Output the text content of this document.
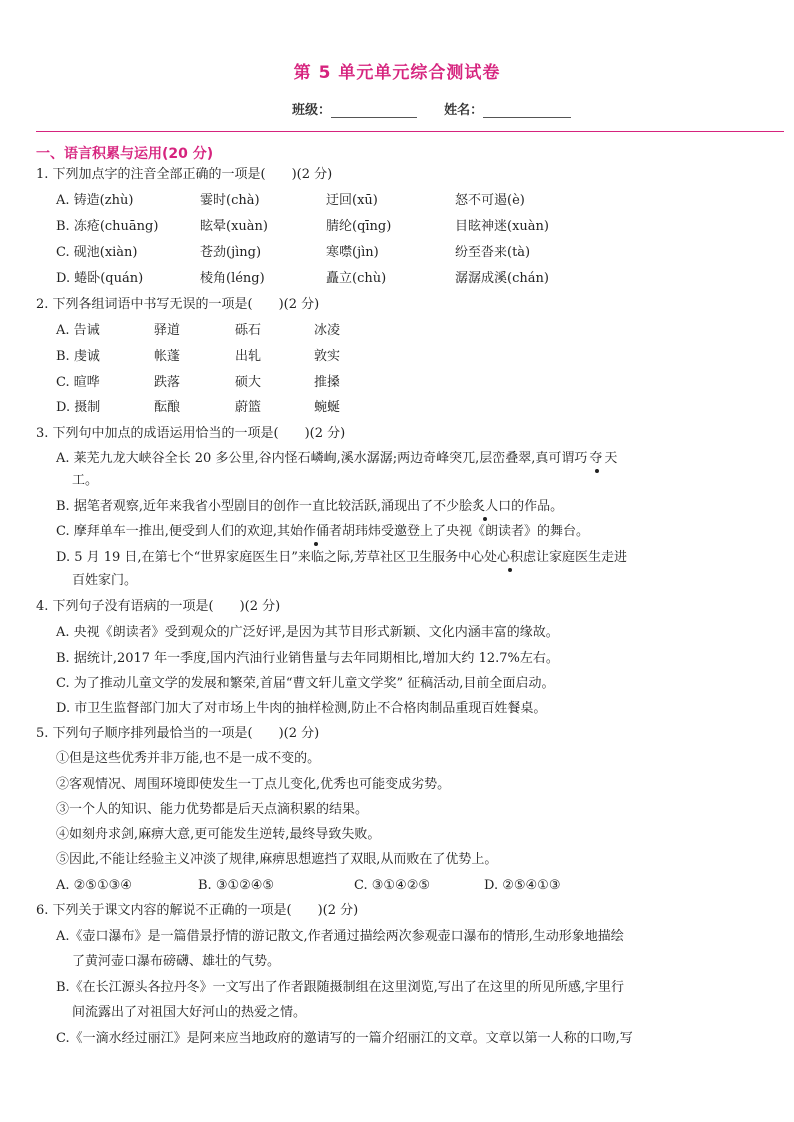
第 5 单元单元综合测试卷
班级：	姓名：
一、语言积累与运用(20 分)
1. 下列加点字的注音全部正确的一项是(　　)(2 分)
A. 铸造(zhù)	霎时(chà)	迂回(xū)	怒不可遏(è)
B. 冻疮(chuāng)	眩晕(xuàn)	腈纶(qīng)	目眩神迷(xuàn)
C. 砚池(xiàn)	苍劲(jìng)	寒噤(jìn)	纷至沓来(tà)
D. 蜷卧(quán)	棱角(léng)	矗立(chù)	潺潺成溪(chán)
2. 下列各组词语中书写无误的一项是(　　)(2 分)
A. 告诫	驿道	砾石	冰凌
B. 虔诚	帐蓬	出轧	敦实
C. 暄哗	跌落	硕大	推搡
D. 摄制	酝酿	蔚篮	蜿蜒
3. 下列句中加点的成语运用恰当的一项是(　　)(2 分)
A. 莱芜九龙大峡谷全长 20 多公里,谷内怪石嶙峋,溪水潺潺;两边奇峰突兀,层峦叠翠,真可谓巧夺天
工。
B. 据笔者观察,近年来我省小型剧目的创作一直比较活跃,涌现出了不少脍炙人口的作品。
C. 摩拜单车一推出,便受到人们的欢迎,其始作俑者胡玮炜受邀登上了央视《朗读者》的舞台。
D. 5 月 19 日,在第七个“世界家庭医生日”来临之际,芳草社区卫生服务中心处心积虑让家庭医生走进
百姓家门。
4. 下列句子没有语病的一项是(　　)(2 分)
A. 央视《朗读者》受到观众的广泛好评,是因为其节目形式新颖、文化内涵丰富的缘故。
B. 据统计,2017 年一季度,国内汽油行业销售量与去年同期相比,增加大约 12.7%左右。
C. 为了推动儿童文学的发展和繁荣,首届“曹文轩儿童文学奖” 征稿活动,目前全面启动。
D. 市卫生监督部门加大了对市场上牛肉的抽样检测,防止不合格肉制品重现百姓餐桌。
5. 下列句子顺序排列最恰当的一项是(　　)(2 分)
①但是这些优秀并非万能,也不是一成不变的。
②客观情况、周围环境即使发生一丁点儿变化,优秀也可能变成劣势。
③一个人的知识、能力优势都是后天点滴积累的结果。
④如刻舟求剑,麻痹大意,更可能发生逆转,最终导致失败。
⑤因此,不能让经验主义冲淡了规律,麻痹思想遮挡了双眼,从而败在了优势上。
A. ②⑤①③④	B. ③①②④⑤	C. ③①④②⑤	D. ②⑤④①③
6. 下列关于课文内容的解说不正确的一项是(　　)(2 分)
A.《壶口瀑布》是一篇借景抒情的游记散文,作者通过描绘两次参观壶口瀑布的情形,生动形象地描绘
了黄河壶口瀑布磅礴、雄壮的气势。
B.《在长江源头各拉丹冬》一文写出了作者跟随摄制组在这里浏览,写出了在这里的所见所感,字里行
间流露出了对祖国大好河山的热爱之情。
C.《一滴水经过丽江》是阿来应当地政府的邀请写的一篇介绍丽江的文章。文章以第一人称的口吻,写
